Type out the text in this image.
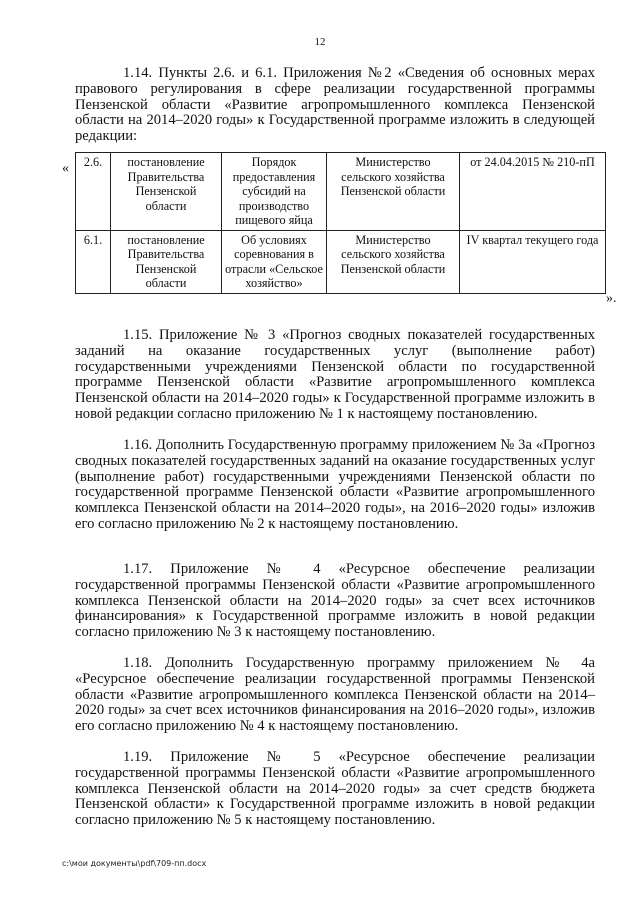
12

1.14. Пункты 2.6. и 6.1. Приложения №2 «Сведения об основных мерах правового регулирования в сфере реализации государственной программы Пензенской области «Развитие агропромышленного комплекса Пензенской области на 2014–2020 годы» к Государственной программе изложить в следующей редакции:

« 2.6.	постановление Правительства Пензенской области	Порядок предоставления субсидий на производство пищевого яйца	Министерство сельского хозяйства Пензенской области	от 24.04.2015 № 210-пП
6.1.	постановление Правительства Пензенской области	Об условиях соревнования в отрасли «Сельское хозяйство»	Министерство сельского хозяйства Пензенской области	IV квартал текущего года
».

1.15. Приложение № 3 «Прогноз сводных показателей государственных заданий на оказание государственных услуг (выполнение работ) государственными учреждениями Пензенской области по государственной программе Пензенской области «Развитие агропромышленного комплекса Пензенской области на 2014–2020 годы» к Государственной программе изложить в новой редакции согласно приложению № 1 к настоящему постановлению.

1.16. Дополнить Государственную программу приложением № 3а «Прогноз сводных показателей государственных заданий на оказание государственных услуг (выполнение работ) государственными учреждениями Пензенской области по государственной программе Пензенской области «Развитие агропромышленного комплекса Пензенской области на 2014–2020 годы», на 2016–2020 годы» изложив его согласно приложению № 2 к настоящему постановлению.

1.17. Приложение № 4 «Ресурсное обеспечение реализации государственной программы Пензенской области «Развитие агропромышленного комплекса Пензенской области на 2014–2020 годы» за счет всех источников финансирования» к Государственной программе изложить в новой редакции согласно приложению № 3 к настоящему постановлению.

1.18. Дополнить Государственную программу приложением № 4а «Ресурсное обеспечение реализации государственной программы Пензенской области «Развитие агропромышленного комплекса Пензенской области на 2014–2020 годы» за счет всех источников финансирования на 2016–2020 годы», изложив его согласно приложению № 4 к настоящему постановлению.

1.19. Приложение № 5 «Ресурсное обеспечение реализации государственной программы Пензенской области «Развитие агропромышленного комплекса Пензенской области на 2014–2020 годы» за счет средств бюджета Пензенской области» к Государственной программе изложить в новой редакции согласно приложению № 5 к настоящему постановлению.

c:\мои документы\pdf\709-пп.docx
